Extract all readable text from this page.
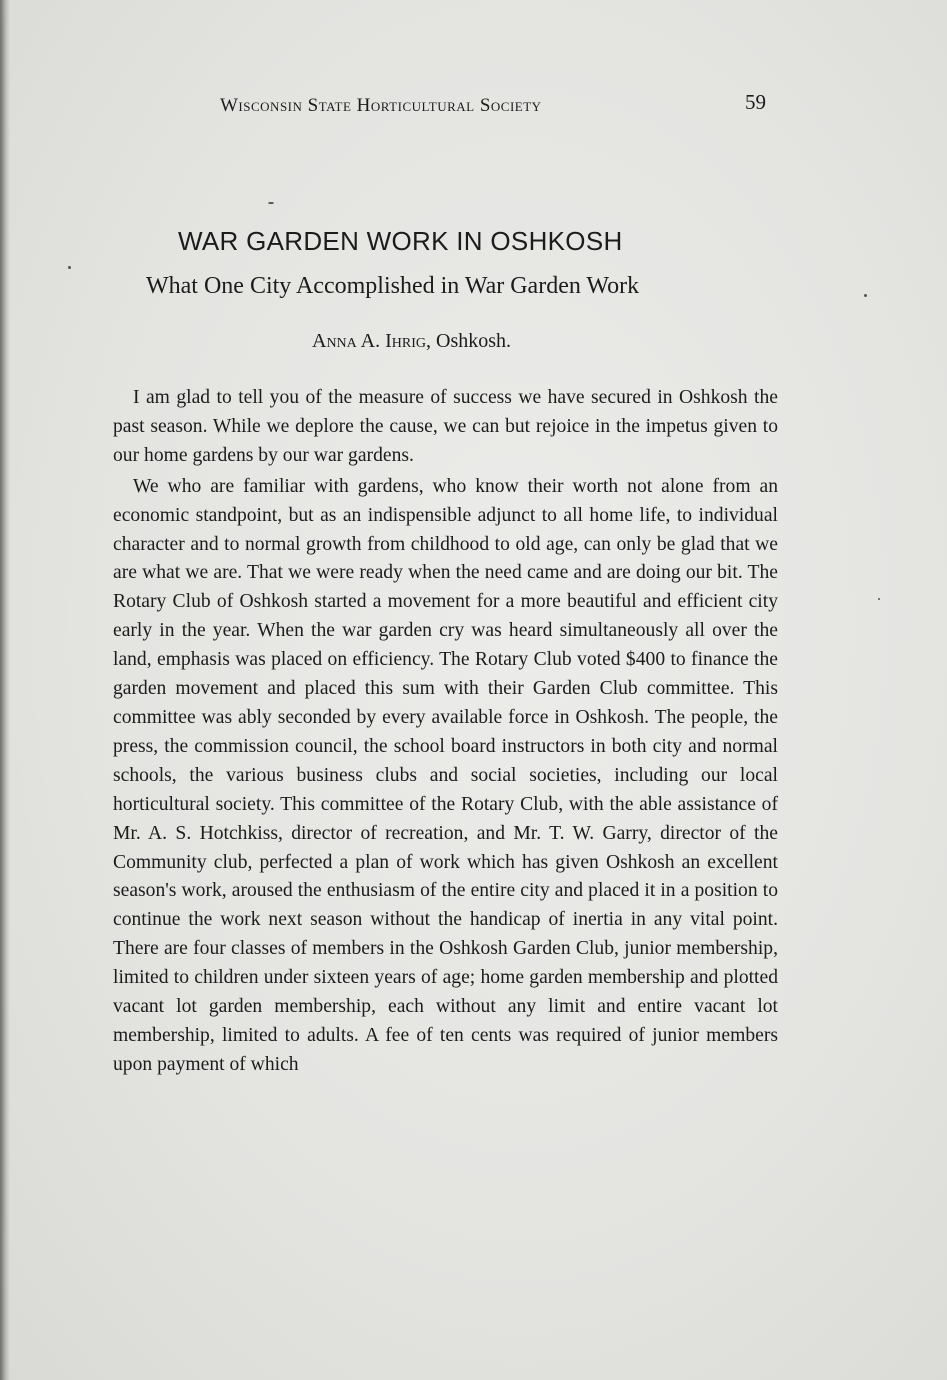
Wisconsin State Horticultural Society	59
WAR GARDEN WORK IN OSHKOSH
What One City Accomplished in War Garden Work
Anna A. Ihrig, Oshkosh.

I am glad to tell you of the measure of success we have secured in Oshkosh the past season. While we deplore the cause, we can but rejoice in the impetus given to our home gardens by our war gardens.

We who are familiar with gardens, who know their worth not alone from an economic standpoint, but as an indispensible adjunct to all home life, to individual character and to normal growth from childhood to old age, can only be glad that we are what we are. That we were ready when the need came and are doing our bit. The Rotary Club of Oshkosh started a movement for a more beautiful and efficient city early in the year. When the war garden cry was heard simultaneously all over the land, emphasis was placed on efficiency. The Rotary Club voted $400 to finance the garden movement and placed this sum with their Garden Club committee. This committee was ably seconded by every available force in Oshkosh. The people, the press, the commission council, the school board instructors in both city and normal schools, the various business clubs and social societies, including our local horticultural society. This committee of the Rotary Club, with the able assistance of Mr. A. S. Hotchkiss, director of recreation, and Mr. T. W. Garry, director of the Community club, perfected a plan of work which has given Oshkosh an excellent season's work, aroused the enthusiasm of the entire city and placed it in a position to continue the work next season without the handicap of inertia in any vital point. There are four classes of members in the Oshkosh Garden Club, junior membership, limited to children under sixteen years of age; home garden membership and plotted vacant lot garden membership, each without any limit and entire vacant lot membership, limited to adults. A fee of ten cents was required of junior members upon payment of which
